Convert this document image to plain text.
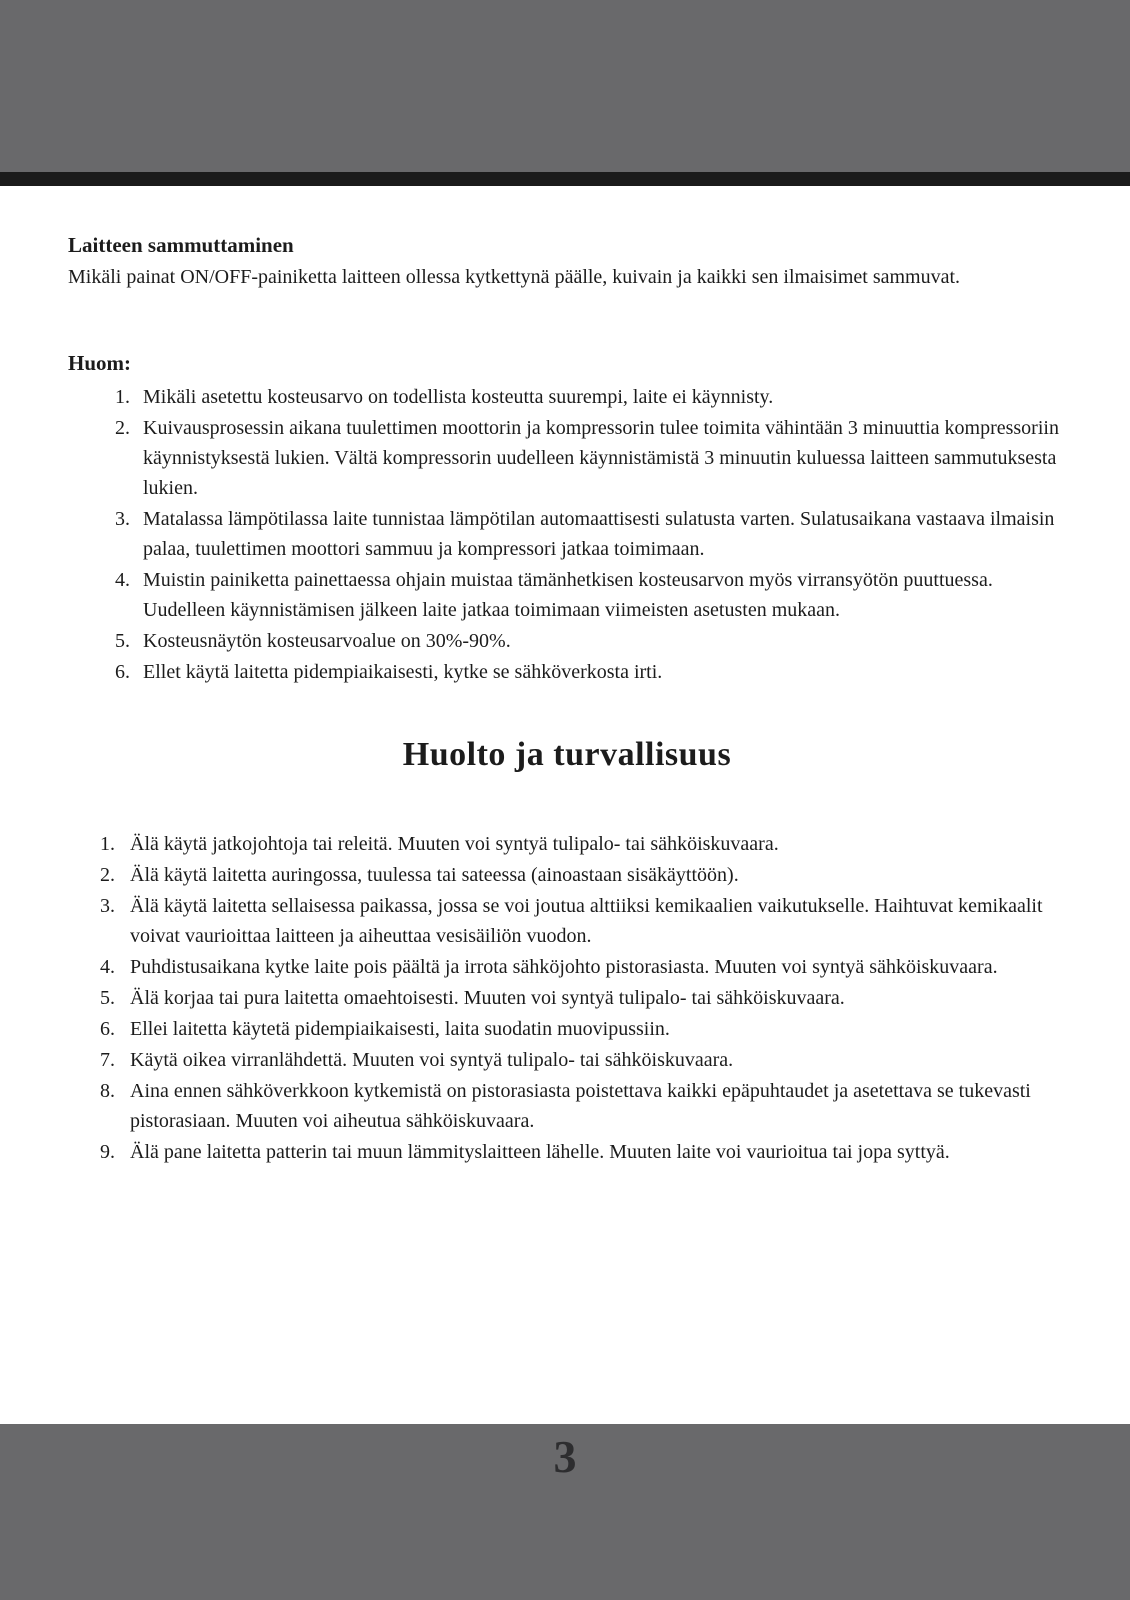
Laitteen sammuttaminen

Mikäli painat ON/OFF-painiketta laitteen ollessa kytkettynä päälle, kuivain ja kaikki sen ilmaisimet sammuvat.

Huom:
1. Mikäli asetettu kosteusarvo on todellista kosteutta suurempi, laite ei käynnisty.
2. Kuivausprosessin aikana tuulettimen moottorin ja kompressorin tulee toimita vähintään 3 minuuttia kompressoriin käynnistyksestä lukien. Vältä kompressorin uudelleen käynnistämistä 3 minuutin kuluessa laitteen sammutuksesta lukien.
3. Matalassa lämpötilassa laite tunnistaa lämpötilan automaattisesti sulatusta varten. Sulatusaikana vastaava ilmaisin palaa, tuulettimen moottori sammuu ja kompressori jatkaa toimimaan.
4. Muistin painiketta painettaessa ohjain muistaa tämänhetkisen kosteusarvon myös virransyötön puuttuessa. Uudelleen käynnistämisen jälkeen laite jatkaa toimimaan viimeisten asetusten mukaan.
5. Kosteusnäytön kosteusarvoalue on 30%-90%.
6. Ellet käytä laitetta pidempiaikaisesti, kytke se sähköverkosta irti.
Huolto ja turvallisuus
1. Älä käytä jatkojohtoja tai releitä. Muuten voi syntyä tulipalo- tai sähköiskuvaara.
2. Älä käytä laitetta auringossa, tuulessa tai sateessa (ainoastaan sisäkäyttöön).
3. Älä käytä laitetta sellaisessa paikassa, jossa se voi joutua alttiiksi kemikaalien vaikutukselle. Haihtuvat kemikaalit voivat vaurioittaa laitteen ja aiheuttaa vesisäiliön vuodon.
4. Puhdistusaikana kytke laite pois päältä ja irrota sähköjohto pistorasiasta. Muuten voi syntyä sähköiskuvaara.
5. Älä korjaa tai pura laitetta omaehtoisesti. Muuten voi syntyä tulipalo- tai sähköiskuvaara.
6. Ellei laitetta käytetä pidempiaikaisesti, laita suodatin muovipussiin.
7. Käytä oikea virranlähdettä. Muuten voi syntyä tulipalo- tai sähköiskuvaara.
8. Aina ennen sähköverkkoon kytkemistä on pistorasiasta poistettava kaikki epäpuhtaudet ja asetettava se tukevasti pistorasiaan. Muuten voi aiheutua sähköiskuvaara.
9. Älä pane laitetta patterin tai muun lämmityslaitteen lähelle. Muuten laite voi vaurioitua tai jopa syttyä.
3
